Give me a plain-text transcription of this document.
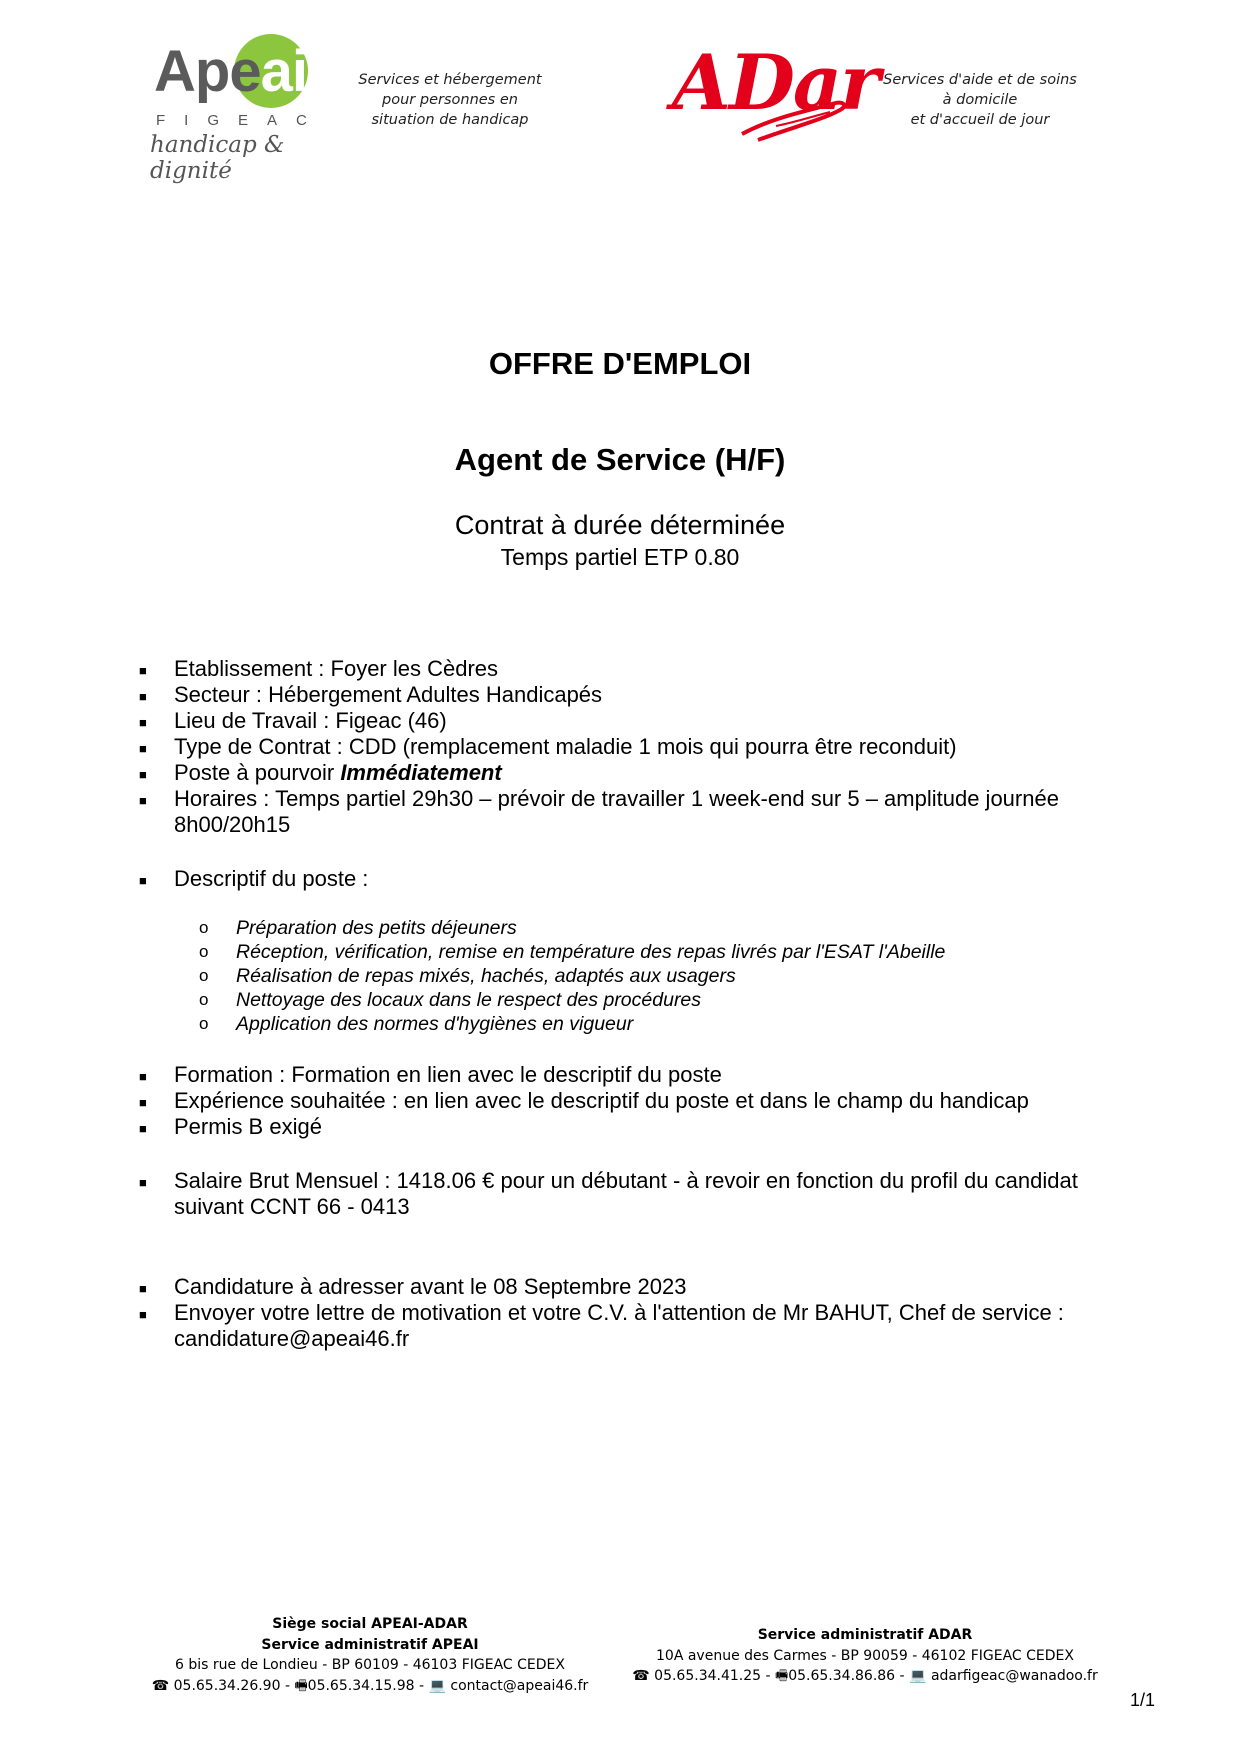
Apeai
FIGEAC
handicap & dignité
Services et hébergement
pour personnes en
situation de handicap	ADar Services d'aide et de soins
à domicile
et d'accueil de jour
OFFRE D'EMPLOI
Agent de Service (H/F)
Contrat à durée déterminée
Temps partiel ETP 0.80
■ Etablissement : Foyer les Cèdres
■ Secteur : Hébergement Adultes Handicapés
■ Lieu de Travail : Figeac (46)
■ Type de Contrat : CDD (remplacement maladie 1 mois qui pourra être reconduit)
■ Poste à pourvoir Immédiatement
■ Horaires : Temps partiel 29h30 – prévoir de travailler 1 week-end sur 5 – amplitude journée 8h00/20h15
■ Descriptif du poste :
o Préparation des petits déjeuners
o Réception, vérification, remise en température des repas livrés par l'ESAT l'Abeille
o Réalisation de repas mixés, hachés, adaptés aux usagers
o Nettoyage des locaux dans le respect des procédures
o Application des normes d'hygiènes en vigueur
■ Formation : Formation en lien avec le descriptif du poste
■ Expérience souhaitée : en lien avec le descriptif du poste et dans le champ du handicap
■ Permis B exigé
■ Salaire Brut Mensuel : 1418.06 € pour un débutant - à revoir en fonction du profil du candidat suivant CCNT 66 - 0413
■ Candidature à adresser avant le 08 Septembre 2023
■ Envoyer votre lettre de motivation et votre C.V. à l'attention de Mr BAHUT, Chef de service : candidature@apeai46.fr
Siège social APEAI-ADAR
Service administratif APEAI
6 bis rue de Londieu - BP 60109 - 46103 FIGEAC CEDEX
☎ 05.65.34.26.90 - 🖷05.65.34.15.98 - 💻 contact@apeai46.fr
Service administratif ADAR
10A avenue des Carmes - BP 90059 - 46102 FIGEAC CEDEX
☎ 05.65.34.41.25 - 🖷05.65.34.86.86 - 💻 adarfigeac@wanadoo.fr
1/1
